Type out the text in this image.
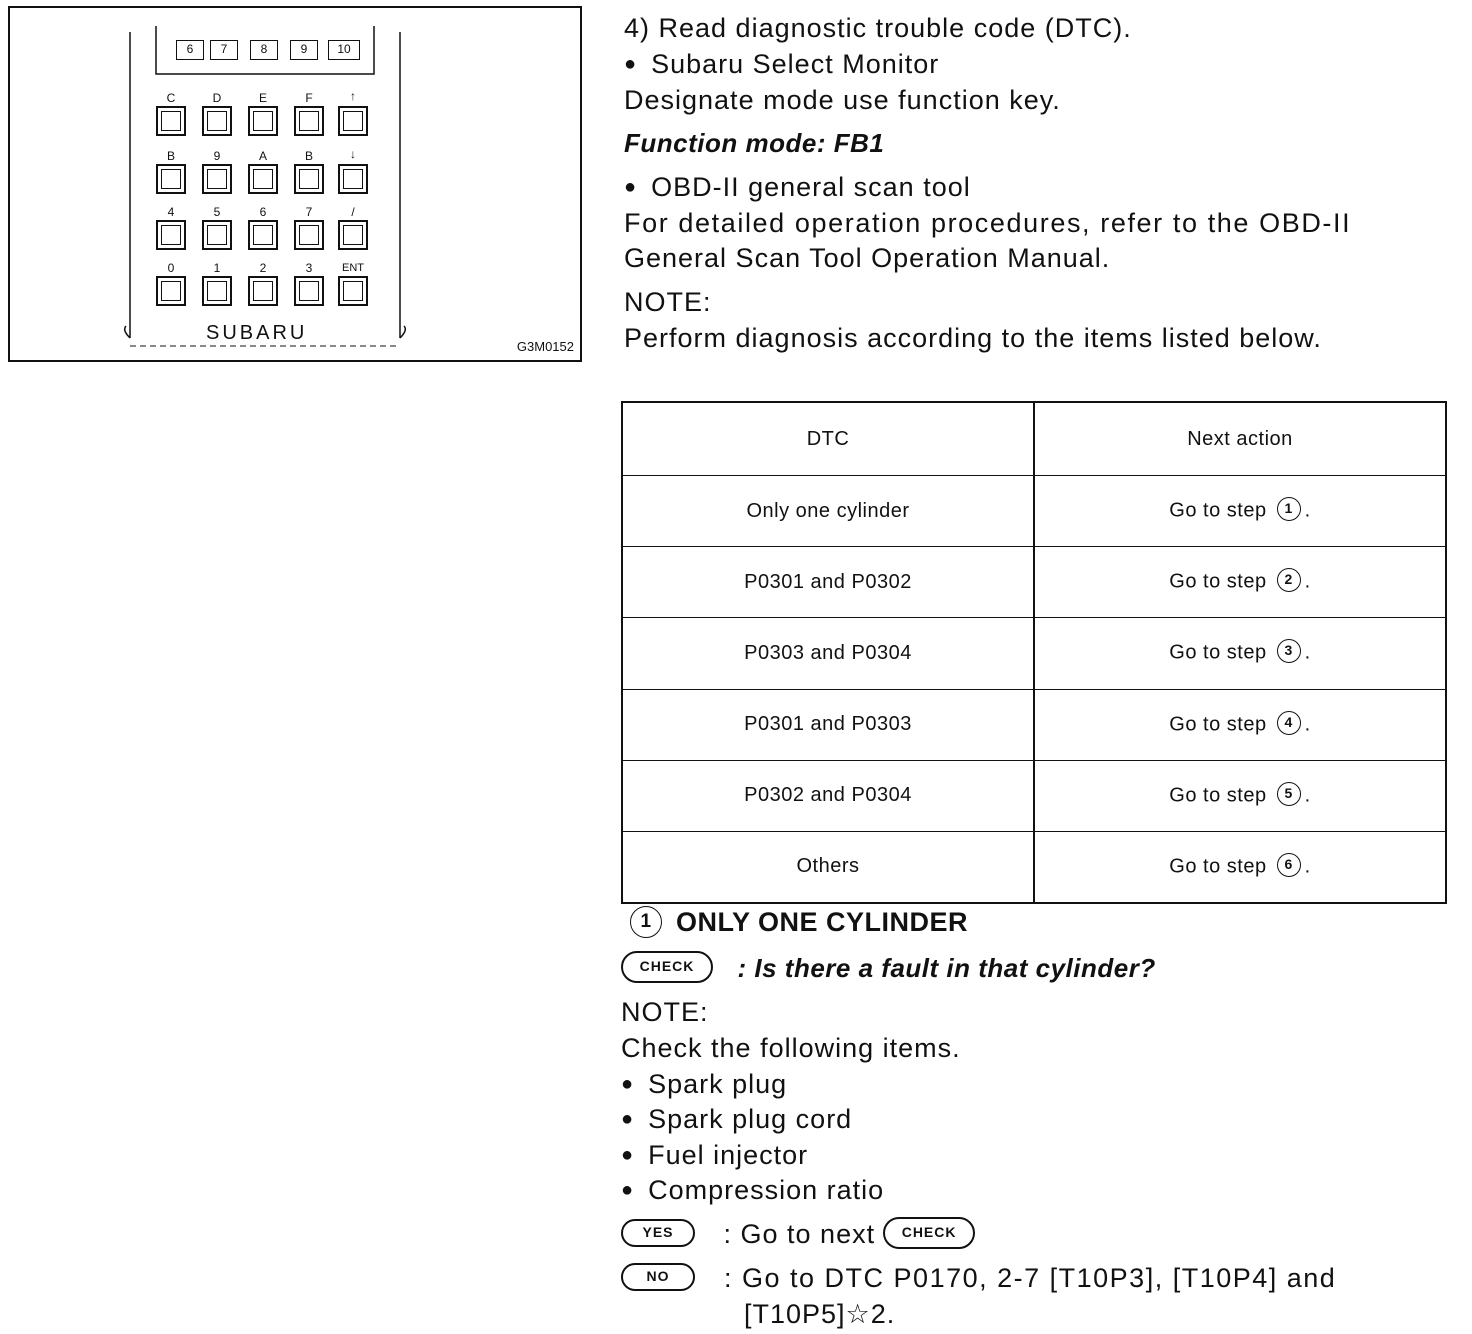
6	7	8	9	10
C	D	E	F	↑
B	9	A	B	↓
4	5	6	7	/
0	1	2	3	ENT
SUBARU
G3M0152
4) Read diagnostic trouble code (DTC).
● Subaru Select Monitor
Designate mode use function key.
Function mode: FB1
● OBD-II general scan tool
For detailed operation procedures, refer to the OBD-II
General Scan Tool Operation Manual.
NOTE:
Perform diagnosis according to the items listed below.
DTC	Next action
Only one cylinder	Go to step 1 .
P0301 and P0302	Go to step 2 .
P0303 and P0304	Go to step 3 .
P0301 and P0303	Go to step 4 .
P0302 and P0304	Go to step 5 .
Others	Go to step 6 .
1 ONLY ONE CYLINDER
CHECK : Is there a fault in that cylinder?
NOTE:
Check the following items.
● Spark plug
● Spark plug cord
● Fuel injector
● Compression ratio
YES : Go to next CHECK
NO : Go to DTC P0170, 2-7 [T10P3], [T10P4] and
[T10P5]☆2.
